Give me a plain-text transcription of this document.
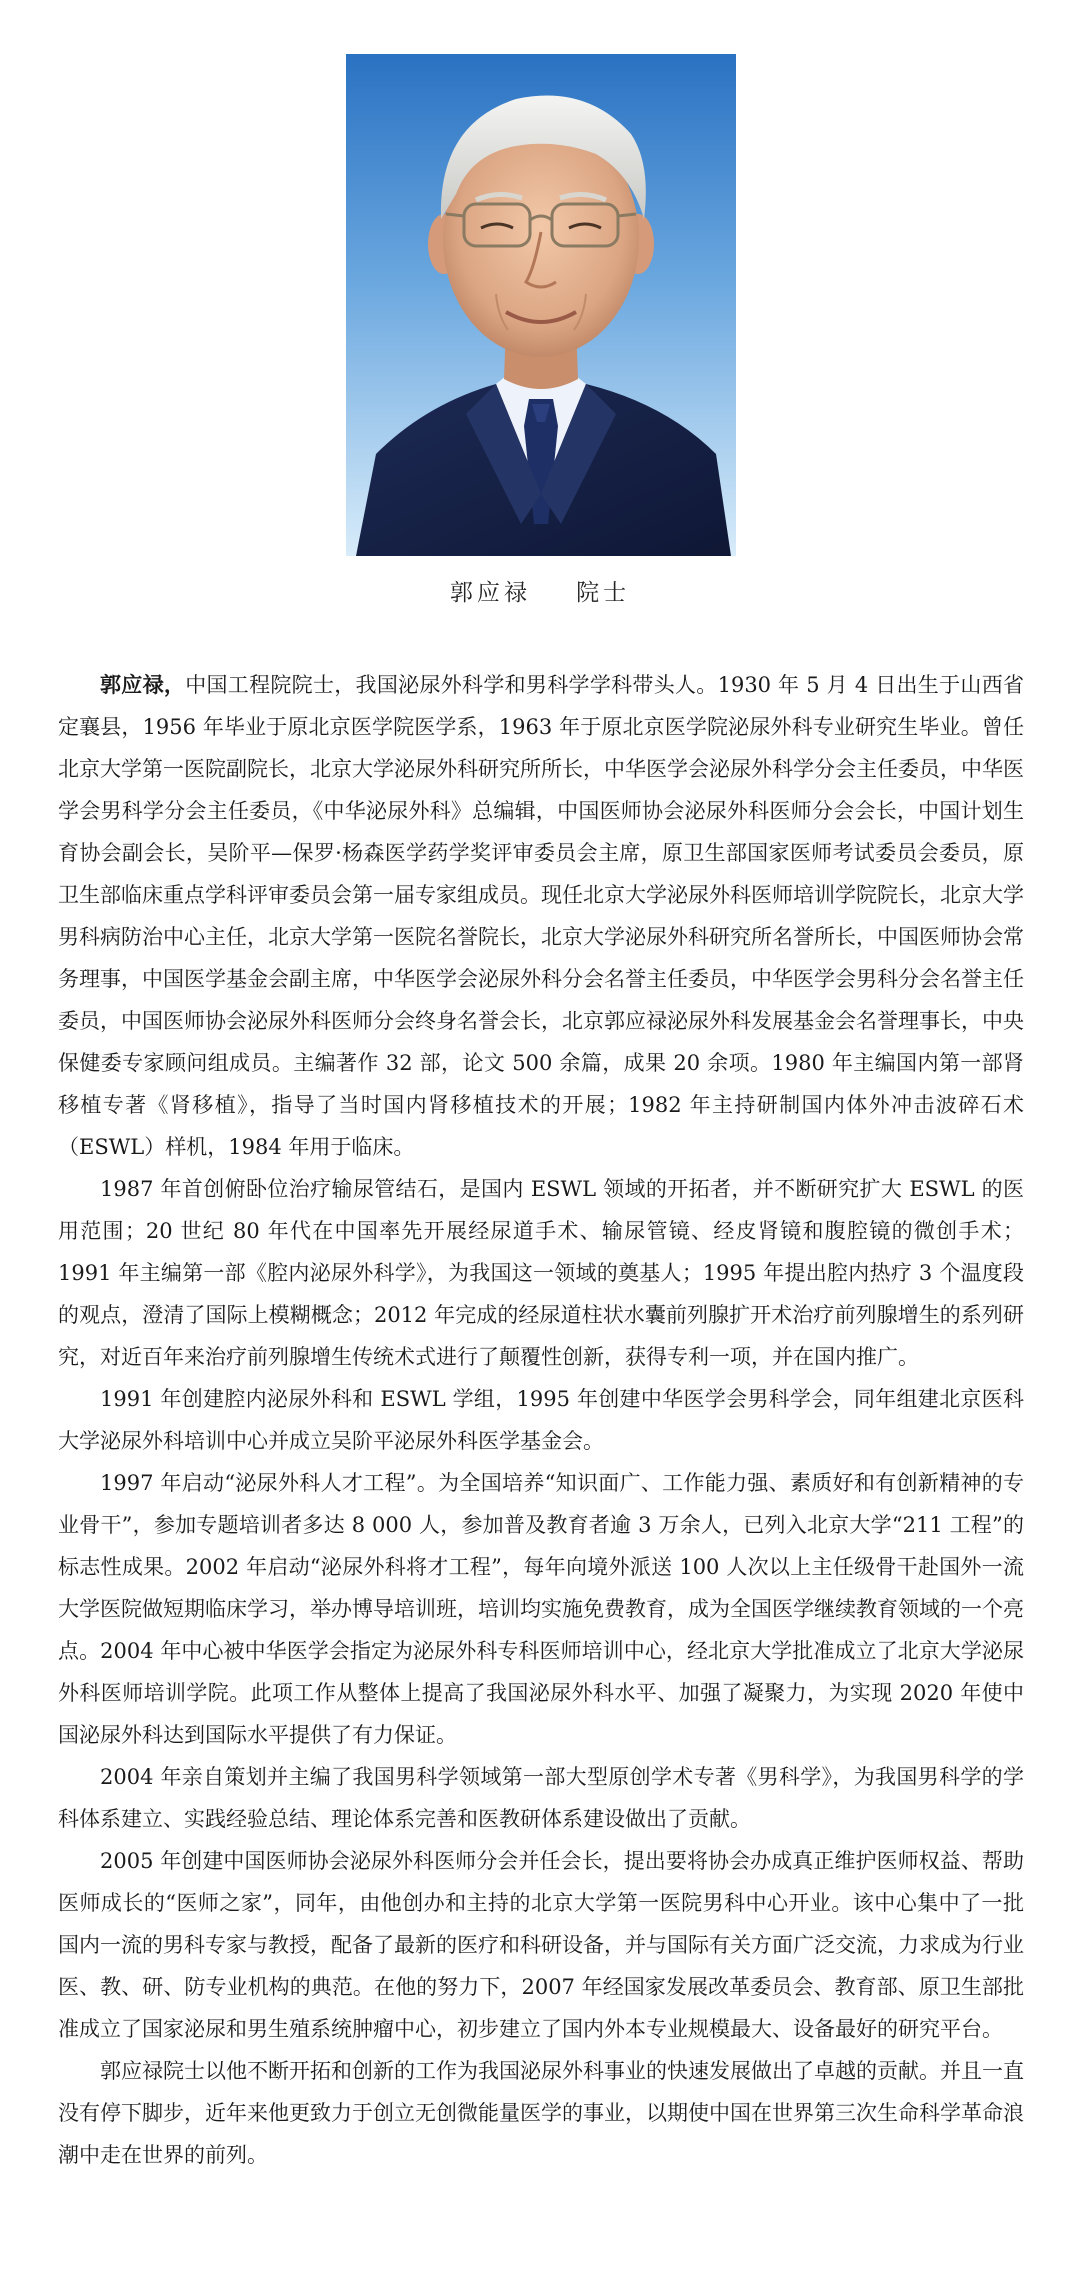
郭应禄 院士

郭应禄，中国工程院院士，我国泌尿外科学和男科学学科带头人。1930 年 5 月 4 日出生于山西省定襄县，1956 年毕业于原北京医学院医学系，1963 年于原北京医学院泌尿外科专业研究生毕业。曾任北京大学第一医院副院长，北京大学泌尿外科研究所所长，中华医学会泌尿外科学分会主任委员，中华医学会男科学分会主任委员，《中华泌尿外科》总编辑，中国医师协会泌尿外科医师分会会长，中国计划生育协会副会长，吴阶平—保罗·杨森医学药学奖评审委员会主席，原卫生部国家医师考试委员会委员，原卫生部临床重点学科评审委员会第一届专家组成员。现任北京大学泌尿外科医师培训学院院长，北京大学男科病防治中心主任，北京大学第一医院名誉院长，北京大学泌尿外科研究所名誉所长，中国医师协会常务理事，中国医学基金会副主席，中华医学会泌尿外科分会名誉主任委员，中华医学会男科分会名誉主任委员，中国医师协会泌尿外科医师分会终身名誉会长，北京郭应禄泌尿外科发展基金会名誉理事长，中央保健委专家顾问组成员。主编著作 32 部，论文 500 余篇，成果 20 余项。1980 年主编国内第一部肾移植专著《肾移植》，指导了当时国内肾移植技术的开展；1982 年主持研制国内体外冲击波碎石术（ESWL）样机，1984 年用于临床。

1987 年首创俯卧位治疗输尿管结石，是国内 ESWL 领域的开拓者，并不断研究扩大 ESWL 的医用范围；20 世纪 80 年代在中国率先开展经尿道手术、输尿管镜、经皮肾镜和腹腔镜的微创手术；1991 年主编第一部《腔内泌尿外科学》，为我国这一领域的奠基人；1995 年提出腔内热疗 3 个温度段的观点，澄清了国际上模糊概念；2012 年完成的经尿道柱状水囊前列腺扩开术治疗前列腺增生的系列研究，对近百年来治疗前列腺增生传统术式进行了颠覆性创新，获得专利一项，并在国内推广。

1991 年创建腔内泌尿外科和 ESWL 学组，1995 年创建中华医学会男科学会，同年组建北京医科大学泌尿外科培训中心并成立吴阶平泌尿外科医学基金会。

1997 年启动“泌尿外科人才工程”。为全国培养“知识面广、工作能力强、素质好和有创新精神的专业骨干”，参加专题培训者多达 8 000 人，参加普及教育者逾 3 万余人，已列入北京大学“211 工程”的标志性成果。2002 年启动“泌尿外科将才工程”，每年向境外派送 100 人次以上主任级骨干赴国外一流大学医院做短期临床学习，举办博导培训班，培训均实施免费教育，成为全国医学继续教育领域的一个亮点。2004 年中心被中华医学会指定为泌尿外科专科医师培训中心，经北京大学批准成立了北京大学泌尿外科医师培训学院。此项工作从整体上提高了我国泌尿外科水平、加强了凝聚力，为实现 2020 年使中国泌尿外科达到国际水平提供了有力保证。

2004 年亲自策划并主编了我国男科学领域第一部大型原创学术专著《男科学》，为我国男科学的学科体系建立、实践经验总结、理论体系完善和医教研体系建设做出了贡献。

2005 年创建中国医师协会泌尿外科医师分会并任会长，提出要将协会办成真正维护医师权益、帮助医师成长的“医师之家”，同年，由他创办和主持的北京大学第一医院男科中心开业。该中心集中了一批国内一流的男科专家与教授，配备了最新的医疗和科研设备，并与国际有关方面广泛交流，力求成为行业医、教、研、防专业机构的典范。在他的努力下，2007 年经国家发展改革委员会、教育部、原卫生部批准成立了国家泌尿和男生殖系统肿瘤中心，初步建立了国内外本专业规模最大、设备最好的研究平台。

郭应禄院士以他不断开拓和创新的工作为我国泌尿外科事业的快速发展做出了卓越的贡献。并且一直没有停下脚步，近年来他更致力于创立无创微能量医学的事业，以期使中国在世界第三次生命科学革命浪潮中走在世界的前列。
